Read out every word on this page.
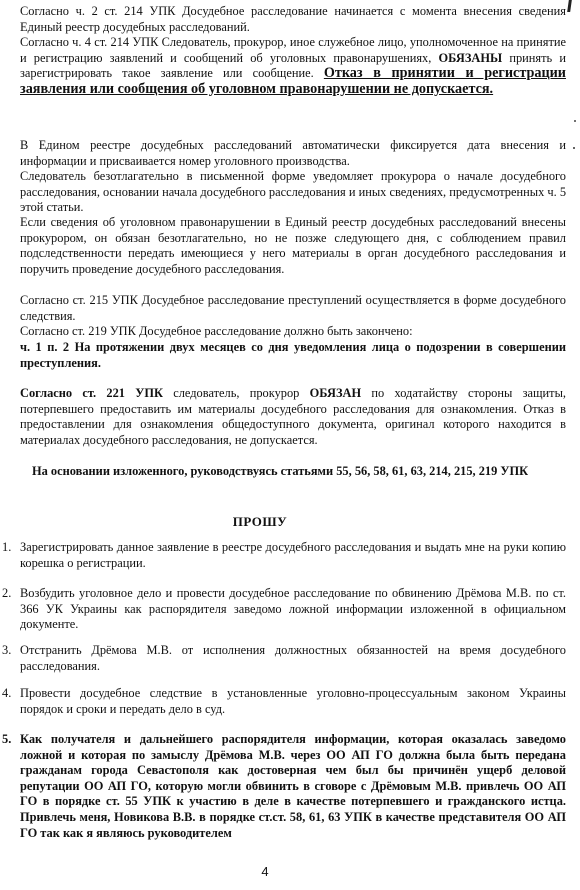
Согласно ч. 2 ст. 214 УПК Досудебное расследование начинается с момента внесения сведения Единый реестр досудебных расследований.

Согласно ч. 4 ст. 214 УПК Следователь, прокурор, иное служебное лицо, уполномоченное на принятие и регистрацию заявлений и сообщений об уголовных правонарушениях, ОБЯЗАНЫ принять и зарегистрировать такое заявление или сообщение. Отказ в принятии и регистрации заявления или сообщения об уголовном правонарушении не допускается.

В Едином реестре досудебных расследований автоматически фиксируется дата внесения и информации и присваивается номер уголовного производства.

Следователь безотлагательно в письменной форме уведомляет прокурора о начале досудебного расследования, основании начала досудебного расследования и иных сведениях, предусмотренных ч. 5 этой статьи.

Если сведения об уголовном правонарушении в Единый реестр досудебных расследований внесены прокурором, он обязан безотлагательно, но не позже следующего дня, с соблюдением правил подследственности передать имеющиеся у него материалы в орган досудебного расследования и поручить проведение досудебного расследования.

Согласно ст. 215 УПК Досудебное расследование преступлений осуществляется в форме досудебного следствия.

Согласно ст. 219 УПК Досудебное расследование должно быть закончено:

ч. 1 п. 2 На протяжении двух месяцев со дня уведомления лица о подозрении в совершении преступления.

Согласно ст. 221 УПК следователь, прокурор ОБЯЗАН по ходатайству стороны защиты, потерпевшего предоставить им материалы досудебного расследования для ознакомления. Отказ в предоставлении для ознакомления общедоступного документа, оригинал которого находится в материалах досудебного расследования, не допускается.

На основании изложенного, руководствуясь статьями 55, 56, 58, 61, 63, 214, 215, 219 УПК

ПРОШУ
1. Зарегистрировать данное заявление в реестре досудебного расследования и выдать мне на руки копию корешка о регистрации.
2. Возбудить уголовное дело и провести досудебное расследование по обвинению Дрёмова М.В. по ст. 366 УК Украины как распорядителя заведомо ложной информации изложенной в официальном документе.
3. Отстранить Дрёмова М.В. от исполнения должностных обязанностей на время досудебного расследования.
4. Провести досудебное следствие в установленные уголовно-процессуальным законом Украины порядок и сроки и передать дело в суд.
5. Как получателя и дальнейшего распорядителя информации, которая оказалась заведомо ложной и которая по замыслу Дрёмова М.В. через ОО АП ГО должна была быть передана гражданам города Севастополя как достоверная чем был бы причинён ущерб деловой репутации ОО АП ГО, которую могли обвинить в сговоре с Дрёмовым М.В. привлечь ОО АП ГО в порядке ст. 55 УПК к участию в деле в качестве потерпевшего и гражданского истца. Привлечь меня, Новикова В.В. в порядке ст.ст. 58, 61, 63 УПК в качестве представителя ОО АП ГО так как я являюсь руководителем
4
